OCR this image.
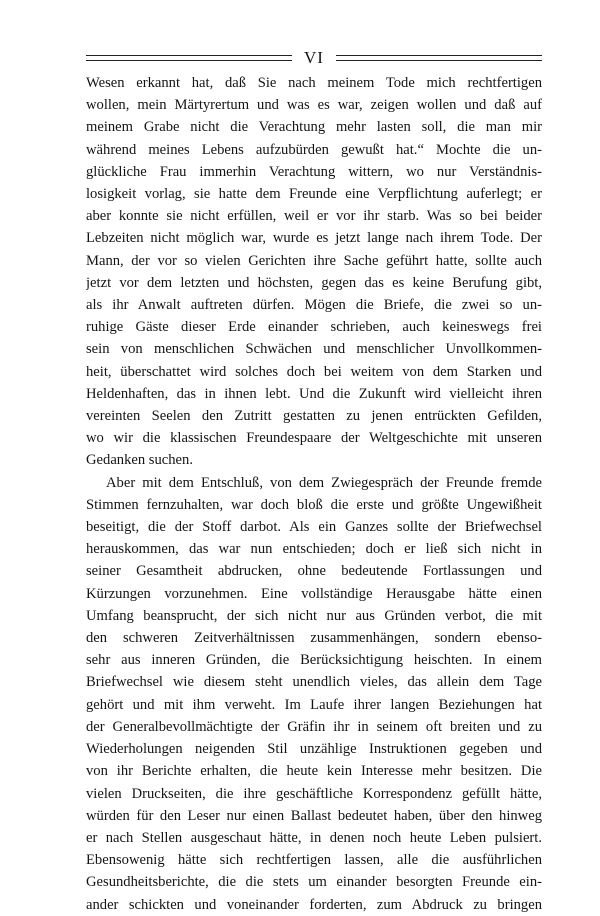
VI

Wesen erkannt hat, daß Sie nach meinem Tode mich rechtfertigen
wollen, mein Märtyrertum und was es war, zeigen wollen und daß auf
meinem Grabe nicht die Verachtung mehr lasten soll, die man mir
während meines Lebens aufzubürden gewußt hat.“ Mochte die un-
glückliche Frau immerhin Verachtung wittern, wo nur Verständnis-
losigkeit vorlag, sie hatte dem Freunde eine Verpflichtung auferlegt; er
aber konnte sie nicht erfüllen, weil er vor ihr starb. Was so bei beider
Lebzeiten nicht möglich war, wurde es jetzt lange nach ihrem Tode. Der
Mann, der vor so vielen Gerichten ihre Sache geführt hatte, sollte auch
jetzt vor dem letzten und höchsten, gegen das es keine Berufung gibt,
als ihr Anwalt auftreten dürfen. Mögen die Briefe, die zwei so un-
ruhige Gäste dieser Erde einander schrieben, auch keineswegs frei
sein von menschlichen Schwächen und menschlicher Unvollkommen-
heit, überschattet wird solches doch bei weitem von dem Starken und
Heldenhaften, das in ihnen lebt. Und die Zukunft wird vielleicht ihren
vereinten Seelen den Zutritt gestatten zu jenen entrückten Gefilden,
wo wir die klassischen Freundespaare der Weltgeschichte mit unseren
Gedanken suchen.

Aber mit dem Entschluß, von dem Zwiegespräch der Freunde fremde
Stimmen fernzuhalten, war doch bloß die erste und größte Ungewißheit
beseitigt, die der Stoff darbot. Als ein Ganzes sollte der Briefwechsel
herauskommen, das war nun entschieden; doch er ließ sich nicht in
seiner Gesamtheit abdrucken, ohne bedeutende Fortlassungen und
Kürzungen vorzunehmen. Eine vollständige Herausgabe hätte einen
Umfang beansprucht, der sich nicht nur aus Gründen verbot, die mit
den schweren Zeitverhältnissen zusammenhängen, sondern ebenso-
sehr aus inneren Gründen, die Berücksichtigung heischten. In einem
Briefwechsel wie diesem steht unendlich vieles, das allein dem Tage
gehört und mit ihm verweht. Im Laufe ihrer langen Beziehungen hat
der Generalbevollmächtigte der Gräfin ihr in seinem oft breiten und zu
Wiederholungen neigenden Stil unzählige Instruktionen gegeben und
von ihr Berichte erhalten, die heute kein Interesse mehr besitzen. Die
vielen Druckseiten, die ihre geschäftliche Korrespondenz gefüllt hätte,
würden für den Leser nur einen Ballast bedeutet haben, über den hinweg
er nach Stellen ausgeschaut hätte, in denen noch heute Leben pulsiert.
Ebensowenig hätte sich rechtfertigen lassen, alle die ausführlichen
Gesundheitsberichte, die die stets um einander besorgten Freunde ein-
ander schickten und voneinander forderten, zum Abdruck zu bringen
